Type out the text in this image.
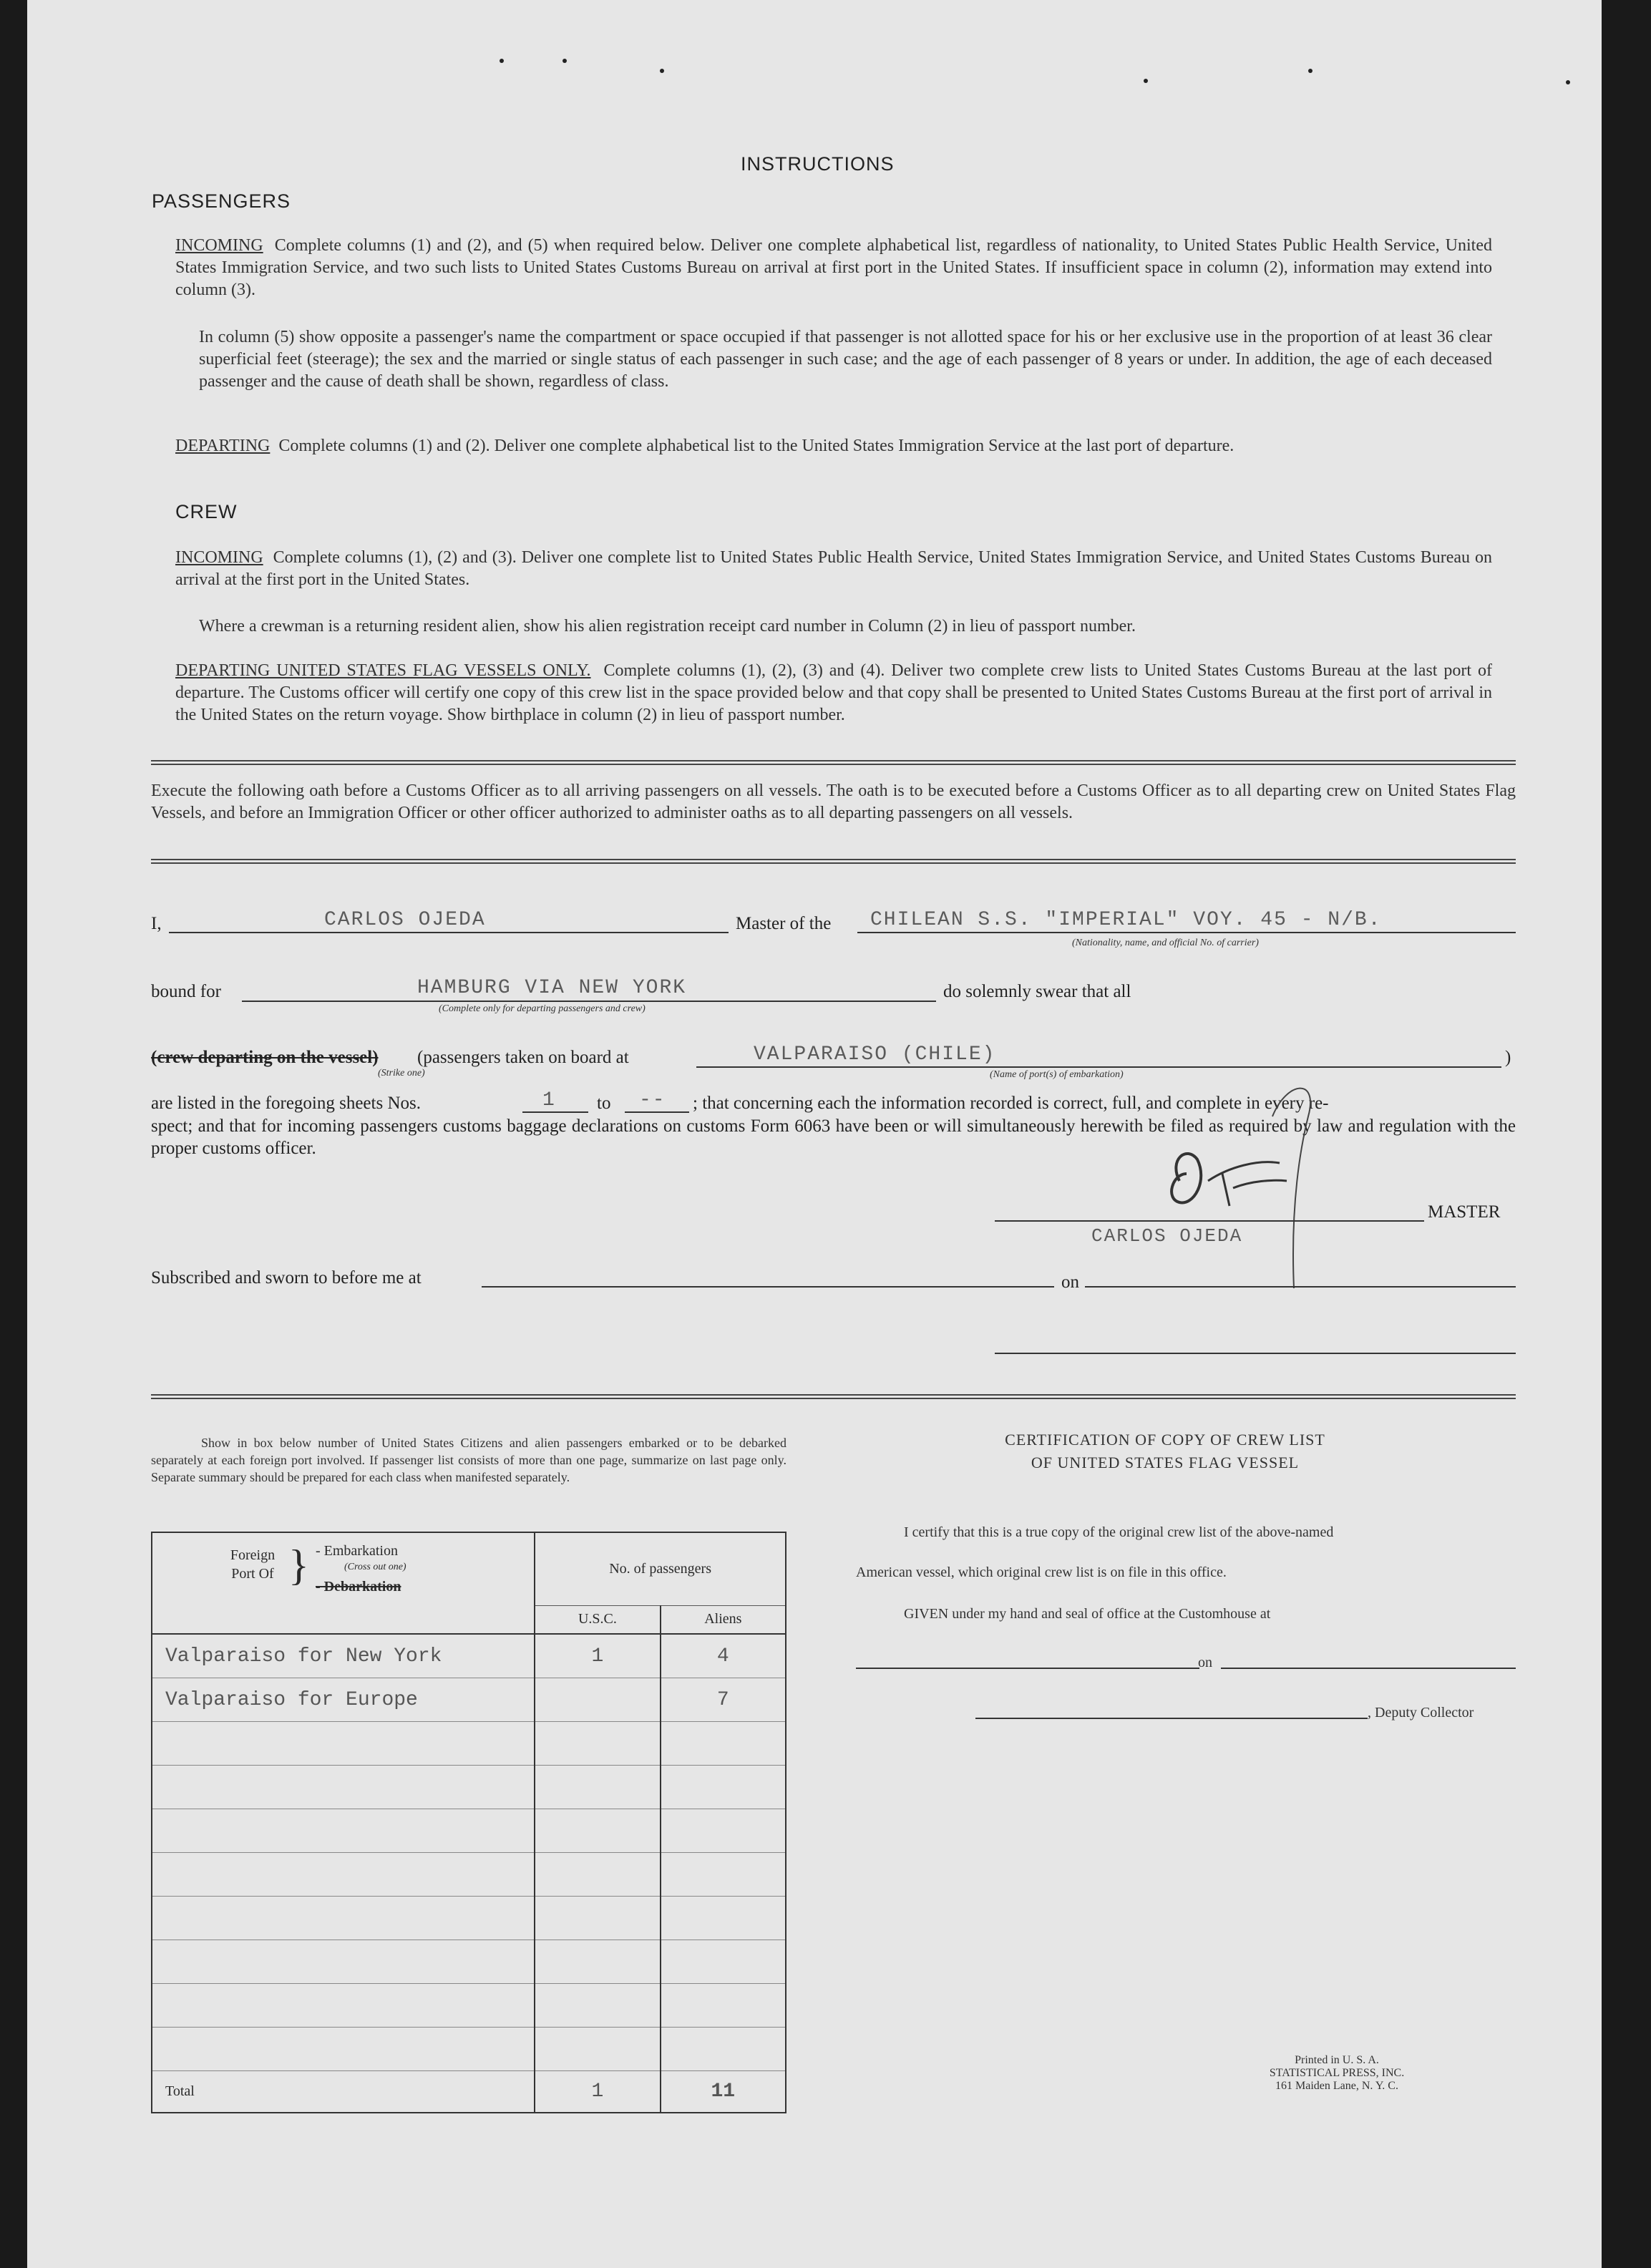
INSTRUCTIONS
PASSENGERS
INCOMING Complete columns (1) and (2), and (5) when required below. Deliver one complete alphabetical list, regardless of nationality, to United States Public Health Service, United States Immigration Service, and two such lists to United States Customs Bureau on arrival at first port in the United States. If insufficient space in column (2), information may extend into column (3).
In column (5) show opposite a passenger's name the compartment or space occupied if that passenger is not allotted space for his or her exclusive use in the proportion of at least 36 clear superficial feet (steerage); the sex and the married or single status of each passenger in such case; and the age of each passenger of 8 years or under. In addition, the age of each deceased passenger and the cause of death shall be shown, regardless of class.
DEPARTING Complete columns (1) and (2). Deliver one complete alphabetical list to the United States Immigration Service at the last port of departure.
CREW
INCOMING Complete columns (1), (2) and (3). Deliver one complete list to United States Public Health Service, United States Immigration Service, and United States Customs Bureau on arrival at the first port in the United States.
Where a crewman is a returning resident alien, show his alien registration receipt card number in Column (2) in lieu of passport number.
DEPARTING UNITED STATES FLAG VESSELS ONLY. Complete columns (1), (2), (3) and (4). Deliver two complete crew lists to United States Customs Bureau at the last port of departure. The Customs officer will certify one copy of this crew list in the space provided below and that copy shall be presented to United States Customs Bureau at the first port of arrival in the United States on the return voyage. Show birthplace in column (2) in lieu of passport number.
Execute the following oath before a Customs Officer as to all arriving passengers on all vessels. The oath is to be executed before a Customs Officer as to all departing crew on United States Flag Vessels, and before an Immigration Officer or other officer authorized to administer oaths as to all departing passengers on all vessels.
I,	CARLOS OJEDA	Master of the CHILEAN S.S. "IMPERIAL" VOY. 45 - N/B.
(Nationality, name, and official No. of carrier)
bound for	HAMBURG VIA NEW YORK
(Complete only for departing passengers and crew)
do solemnly swear that all
(crew departing on the vessel) (passengers taken on board at
(Strike one)
VALPARAISO (CHILE)
(Name of port(s) of embarkation)
)
are listed in the foregoing sheets Nos.	1 to -- ; that concerning each the information recorded is correct, full, and complete in every re-
spect; and that for incoming passengers customs baggage declarations on customs Form 6063 have been or will simultaneously herewith be filed as required by law and regulation with the proper customs officer.
MASTER
CARLOS OJEDA
Subscribed and sworn to before me at	on
Show in box below number of United States Citizens and alien passengers embarked or to be debarked separately at each foreign port involved. If passenger list consists of more than one page, summarize on last page only. Separate summary should be prepared for each class when manifested separately.
Foreign Port Of } - Embarkation
(Cross out one)
- Debarkation	No. of passengers	
	U.S.C.	Aliens
Valparaiso for New York	1	4
Valparaiso for Europe		7

Total	1	11
CERTIFICATION OF COPY OF CREW LIST
OF UNITED STATES FLAG VESSEL
I certify that this is a true copy of the original crew list of the above-named
American vessel, which original crew list is on file in this office.
GIVEN under my hand and seal of office at the Customhouse at
on
, Deputy Collector
Printed in U. S. A.
STATISTICAL PRESS, INC.
161 Maiden Lane, N. Y. C.
